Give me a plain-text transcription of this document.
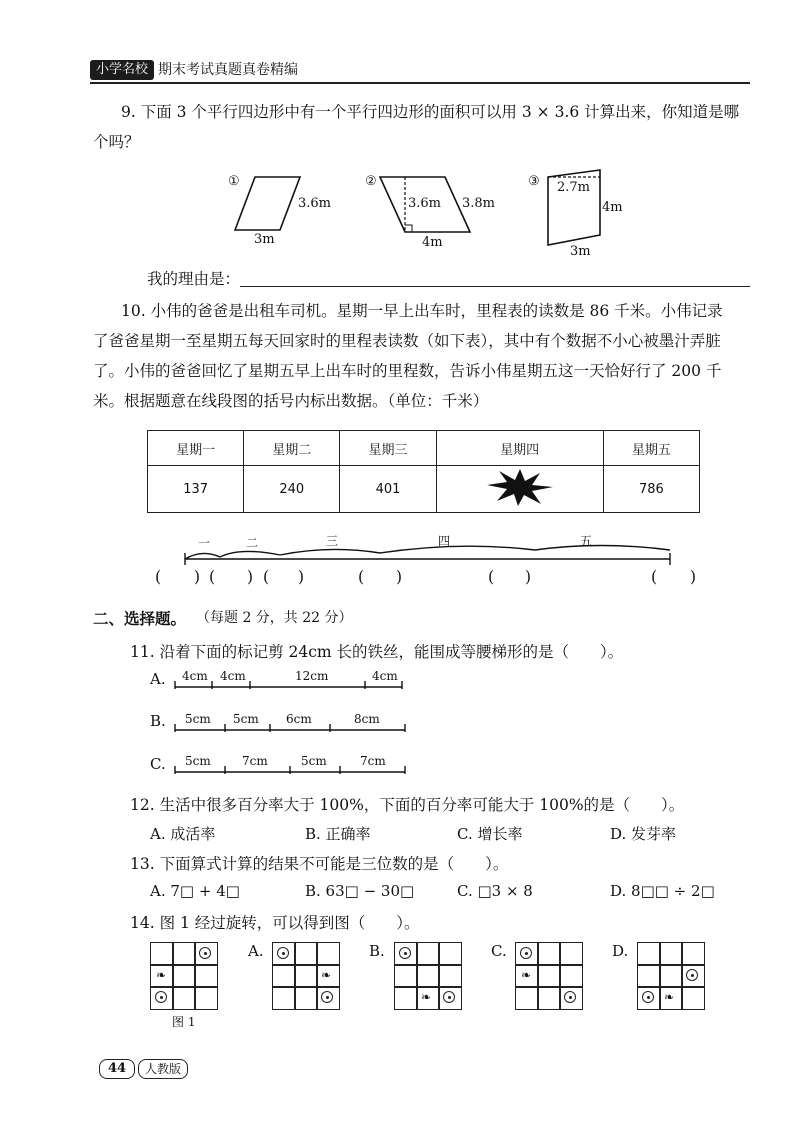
小学名校 期末考试真题真卷精编
9. 下面 3 个平行四边形中有一个平行四边形的面积可以用 3 × 3.6 计算出来，你知道是哪
个吗？
①
3.6m
3m
②
3.6m 3.8m
4m
③ 2.7m
4m
3m
我的理由是：
10. 小伟的爸爸是出租车司机。星期一早上出车时，里程表的读数是 86 千米。小伟记录
了爸爸星期一至星期五每天回家时的里程表读数（如下表），其中有个数据不小心被墨汁弄脏
了。小伟的爸爸回忆了星期五早上出车时的里程数，告诉小伟星期五这一天恰好行了 200 千
米。根据题意在线段图的括号内标出数据。（单位：千米）
星期一	星期二	星期三	星期四	星期五
137	240	401		786
一	二	三	四	五
( ) ( ) ( )	( )	( )	( )
二、选择题。 （每题 2 分，共 22 分）
11. 沿着下面的标记剪 24cm 长的铁丝，能围成等腰梯形的是（　　）。
A. 4cm 4cm	12cm	4cm
B. 5cm 5cm 6cm	8cm
C. 5cm	7cm	5cm	7cm
12. 生活中很多百分率大于 100%，下面的百分率可能大于 100%的是（　　）。
A. 成活率	B. 正确率	C. 增长率	D. 发芽率
13. 下面算式计算的结果不可能是三位数的是（　　）。
A. 7□ + 4□	B. 63□ − 30□	C. □3 × 8	D. 8□□ ÷ 2□
14. 图 1 经过旋转，可以得到图（　　）。
❧
图 1
A.
❧
B.
❧
C.
❧
D.
❧
44	人教版
